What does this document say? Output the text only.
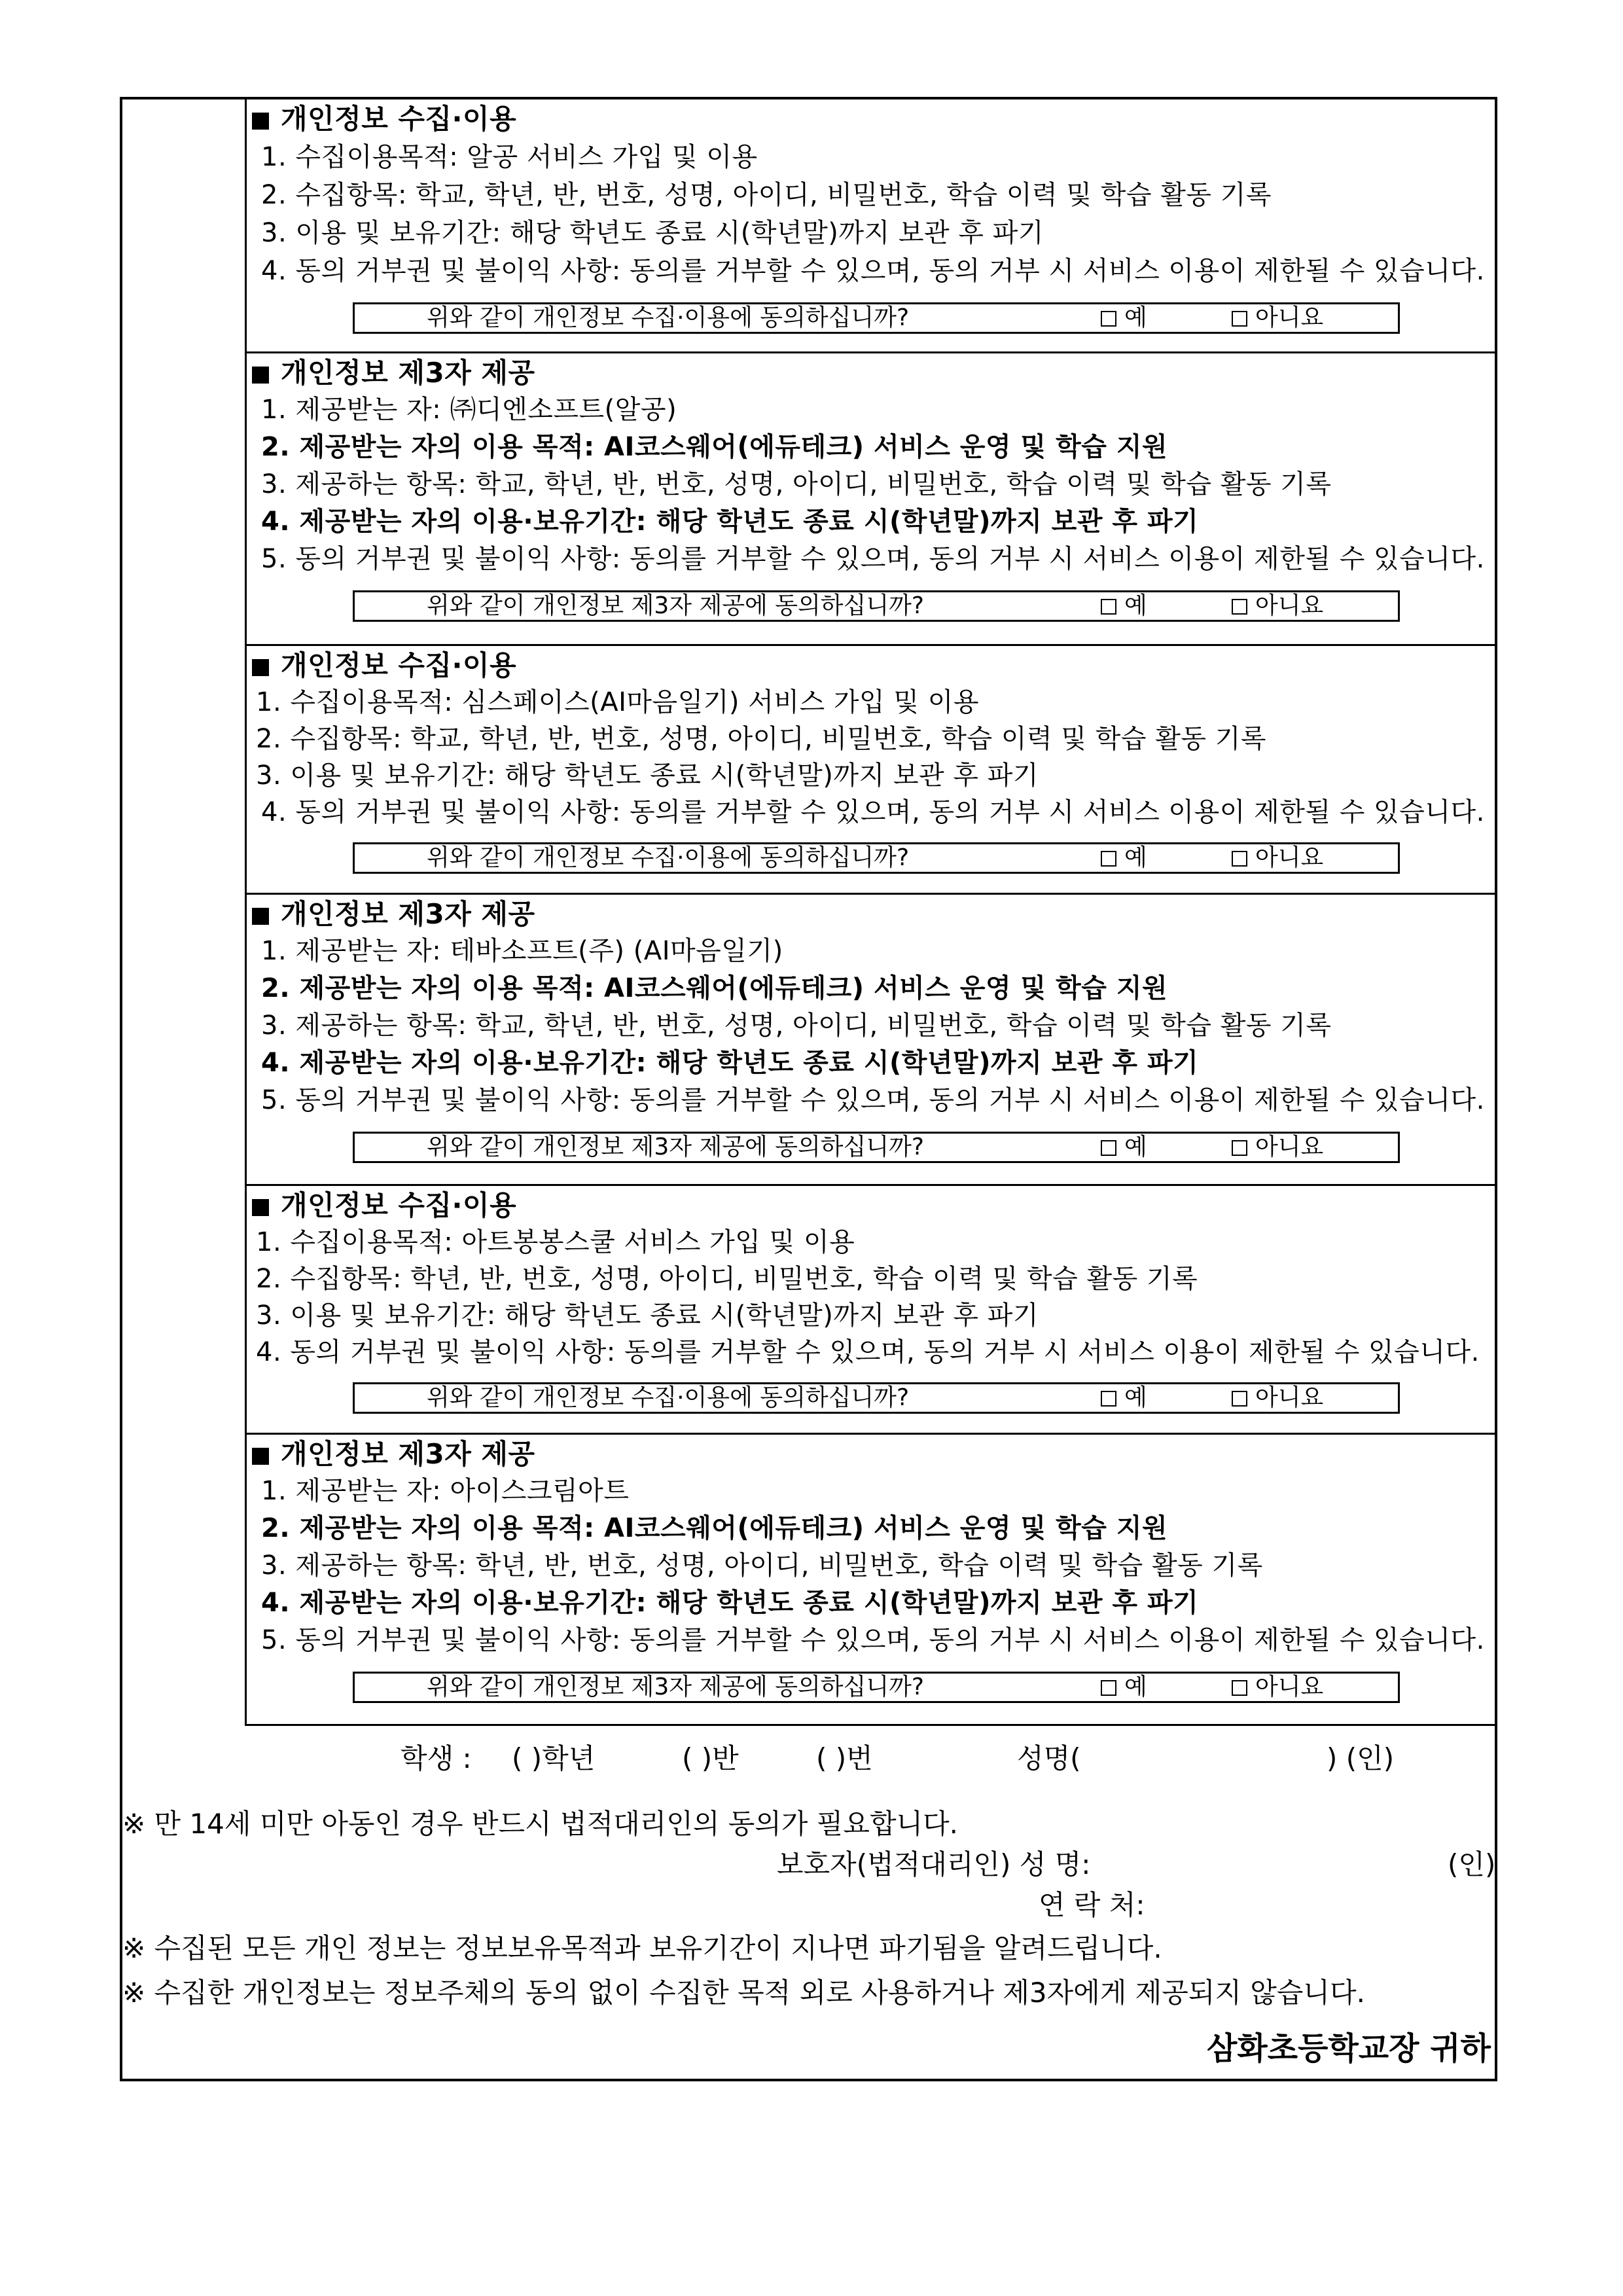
개인정보 수집·이용
1. 수집이용목적: 알공 서비스 가입 및 이용
2. 수집항목: 학교, 학년, 반, 번호, 성명, 아이디, 비밀번호, 학습 이력 및 학습 활동 기록
3. 이용 및 보유기간: 해당 학년도 종료 시(학년말)까지 보관 후 파기
4. 동의 거부권 및 불이익 사항: 동의를 거부할 수 있으며, 동의 거부 시 서비스 이용이 제한될 수 있습니다.
위와 같이 개인정보 수집·이용에 동의하십니까?	예	아니요
개인정보 제3자 제공
1. 제공받는 자: ㈜디엔소프트(알공)
2. 제공받는 자의 이용 목적: AI코스웨어(에듀테크) 서비스 운영 및 학습 지원
3. 제공하는 항목: 학교, 학년, 반, 번호, 성명, 아이디, 비밀번호, 학습 이력 및 학습 활동 기록
4. 제공받는 자의 이용·보유기간: 해당 학년도 종료 시(학년말)까지 보관 후 파기
5. 동의 거부권 및 불이익 사항: 동의를 거부할 수 있으며, 동의 거부 시 서비스 이용이 제한될 수 있습니다.
위와 같이 개인정보 제3자 제공에 동의하십니까?	예	아니요
개인정보 수집·이용
1. 수집이용목적: 심스페이스(AI마음일기) 서비스 가입 및 이용
2. 수집항목: 학교, 학년, 반, 번호, 성명, 아이디, 비밀번호, 학습 이력 및 학습 활동 기록
3. 이용 및 보유기간: 해당 학년도 종료 시(학년말)까지 보관 후 파기
4. 동의 거부권 및 불이익 사항: 동의를 거부할 수 있으며, 동의 거부 시 서비스 이용이 제한될 수 있습니다.
위와 같이 개인정보 수집·이용에 동의하십니까?	예	아니요
개인정보 제3자 제공
1. 제공받는 자: 테바소프트(주) (AI마음일기)
2. 제공받는 자의 이용 목적: AI코스웨어(에듀테크) 서비스 운영 및 학습 지원
3. 제공하는 항목: 학교, 학년, 반, 번호, 성명, 아이디, 비밀번호, 학습 이력 및 학습 활동 기록
4. 제공받는 자의 이용·보유기간: 해당 학년도 종료 시(학년말)까지 보관 후 파기
5. 동의 거부권 및 불이익 사항: 동의를 거부할 수 있으며, 동의 거부 시 서비스 이용이 제한될 수 있습니다.
위와 같이 개인정보 제3자 제공에 동의하십니까?	예	아니요
개인정보 수집·이용
1. 수집이용목적: 아트봉봉스쿨 서비스 가입 및 이용
2. 수집항목: 학년, 반, 번호, 성명, 아이디, 비밀번호, 학습 이력 및 학습 활동 기록
3. 이용 및 보유기간: 해당 학년도 종료 시(학년말)까지 보관 후 파기
4. 동의 거부권 및 불이익 사항: 동의를 거부할 수 있으며, 동의 거부 시 서비스 이용이 제한될 수 있습니다.
위와 같이 개인정보 수집·이용에 동의하십니까?	예	아니요
개인정보 제3자 제공
1. 제공받는 자: 아이스크림아트
2. 제공받는 자의 이용 목적: AI코스웨어(에듀테크) 서비스 운영 및 학습 지원
3. 제공하는 항목: 학년, 반, 번호, 성명, 아이디, 비밀번호, 학습 이력 및 학습 활동 기록
4. 제공받는 자의 이용·보유기간: 해당 학년도 종료 시(학년말)까지 보관 후 파기
5. 동의 거부권 및 불이익 사항: 동의를 거부할 수 있으며, 동의 거부 시 서비스 이용이 제한될 수 있습니다.
위와 같이 개인정보 제3자 제공에 동의하십니까?	예	아니요
학생 : ( )학년	( )반	( )번	성명(	) (인)
※ 만 14세 미만 아동인 경우 반드시 법적대리인의 동의가 필요합니다.
보호자(법적대리인) 성 명:	(인)
연 락 처:
※ 수집된 모든 개인 정보는 정보보유목적과 보유기간이 지나면 파기됨을 알려드립니다.
※ 수집한 개인정보는 정보주체의 동의 없이 수집한 목적 외로 사용하거나 제3자에게 제공되지 않습니다.
삼화초등학교장 귀하
